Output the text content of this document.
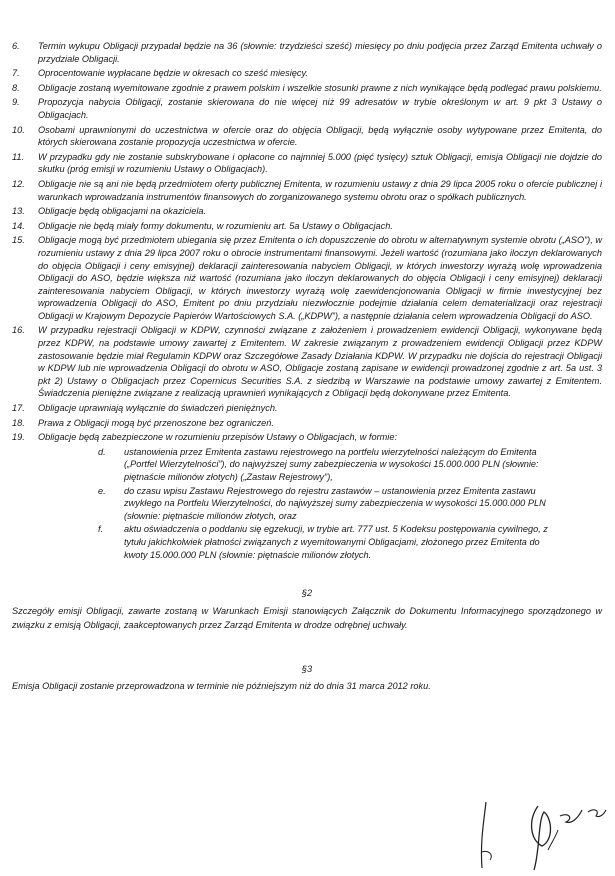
6.	Termin wykupu Obligacji przypadał będzie na 36 (słownie: trzydzieści sześć) miesięcy po dniu podjęcia przez Zarząd Emitenta uchwały o przydziale Obligacji.
7.	Oprocentowanie wypłacane będzie w okresach co sześć miesięcy.
8.	Obligacje zostaną wyemitowane zgodnie z prawem polskim i wszelkie stosunki prawne z nich wynikające będą podlegać prawu polskiemu.
9.	Propozycja nabycia Obligacji, zostanie skierowana do nie więcej niż 99 adresatów w trybie określonym w art. 9 pkt 3 Ustawy o Obligacjach.
10.	Osobami uprawnionymi do uczestnictwa w ofercie oraz do objęcia Obligacji, będą wyłącznie osoby wytypowane przez Emitenta, do których skierowana zostanie propozycja uczestnictwa w ofercie.
11.	W przypadku gdy nie zostanie subskrybowane i opłacone co najmniej 5.000 (pięć tysięcy) sztuk Obligacji, emisja Obligacji nie dojdzie do skutku (próg emisji w rozumieniu Ustawy o Obligacjach).
12.	Obligacje nie są ani nie będą przedmiotem oferty publicznej Emitenta, w rozumieniu ustawy z dnia 29 lipca 2005 roku o ofercie publicznej i warunkach wprowadzania instrumentów finansowych do zorganizowanego systemu obrotu oraz o spółkach publicznych.
13.	Obligacje będą obligacjami na okaziciela.
14.	Obligacje nie będą miały formy dokumentu, w rozumieniu art. 5a Ustawy o Obligacjach.
15.	Obligacje mogą być przedmiotem ubiegania się przez Emitenta o ich dopuszczenie do obrotu w alternatywnym systemie obrotu („ASO”), w rozumieniu ustawy z dnia 29 lipca 2007 roku o obrocie instrumentami finansowymi. Jeżeli wartość (rozumiana jako iloczyn deklarowanych do objęcia Obligacji i ceny emisyjnej) deklaracji zainteresowania nabyciem Obligacji, w których inwestorzy wyrażą wolę wprowadzenia Obligacji do ASO, będzie większa niż wartość (rozumiana jako iloczyn deklarowanych do objęcia Obligacji i ceny emisyjnej) deklaracji zainteresowania nabyciem Obligacji, w których inwestorzy wyrażą wolę zaewidencjonowania Obligacji w firmie inwestycyjnej bez wprowadzenia Obligacji do ASO, Emitent po dniu przydziału niezwłocznie podejmie działania celem dematerializacji oraz rejestracji Obligacji w Krajowym Depozycie Papierów Wartościowych S.A. („KDPW”), a następnie działania celem wprowadzenia Obligacji do ASO.
16.	W przypadku rejestracji Obligacji w KDPW, czynności związane z założeniem i prowadzeniem ewidencji Obligacji, wykonywane będą przez KDPW, na podstawie umowy zawartej z Emitentem. W zakresie związanym z prowadzeniem ewidencji Obligacji przez KDPW zastosowanie będzie miał Regulamin KDPW oraz Szczegółowe Zasady Działania KDPW. W przypadku nie dojścia do rejestracji Obligacji w KDPW lub nie wprowadzenia Obligacji do obrotu w ASO, Obligacje zostaną zapisane w ewidencji prowadzonej zgodnie z art. 5a ust. 3 pkt 2) Ustawy o Obligacjach przez Copernicus Securities S.A. z siedzibą w Warszawie na podstawie umowy zawartej z Emitentem. Świadczenia pieniężne związane z realizacją uprawnień wynikających z Obligacji będą dokonywane przez Emitenta.
17.	Obligacje uprawniają wyłącznie do świadczeń pieniężnych.
18.	Prawa z Obligacji mogą być przenoszone bez ograniczeń.
19.	Obligacje będą zabezpieczone w rozumieniu przepisów Ustawy o Obligacjach, w formie:
d.	ustanowienia przez Emitenta zastawu rejestrowego na portfelu wierzytelności należącym do Emitenta („Portfel Wierzytelności”), do najwyższej sumy zabezpieczenia w wysokości 15.000.000 PLN (słownie: piętnaście milionów złotych) („Zastaw Rejestrowy”),
e.	do czasu wpisu Zastawu Rejestrowego do rejestru zastawów – ustanowienia przez Emitenta zastawu zwykłego na Portfelu Wierzytelności, do najwyższej sumy zabezpieczenia w wysokości 15.000.000 PLN (słownie: piętnaście milionów złotych, oraz
f.	aktu oświadczenia o poddaniu się egzekucji, w trybie art. 777 ust. 5 Kodeksu postępowania cywilnego, z tytułu jakichkolwiek płatności związanych z wyemitowanymi Obligacjami, złożonego przez Emitenta do kwoty 15.000.000 PLN (słownie: piętnaście milionów złotych.
§2
Szczegóły emisji Obligacji, zawarte zostaną w Warunkach Emisji stanowiących Załącznik do Dokumentu Informacyjnego sporządzonego w związku z emisją Obligacji, zaakceptowanych przez Zarząd Emitenta w drodze odrębnej uchwały.
§3
Emisja Obligacji zostanie przeprowadzona w terminie nie późniejszym niż do dnia 31 marca 2012 roku.
